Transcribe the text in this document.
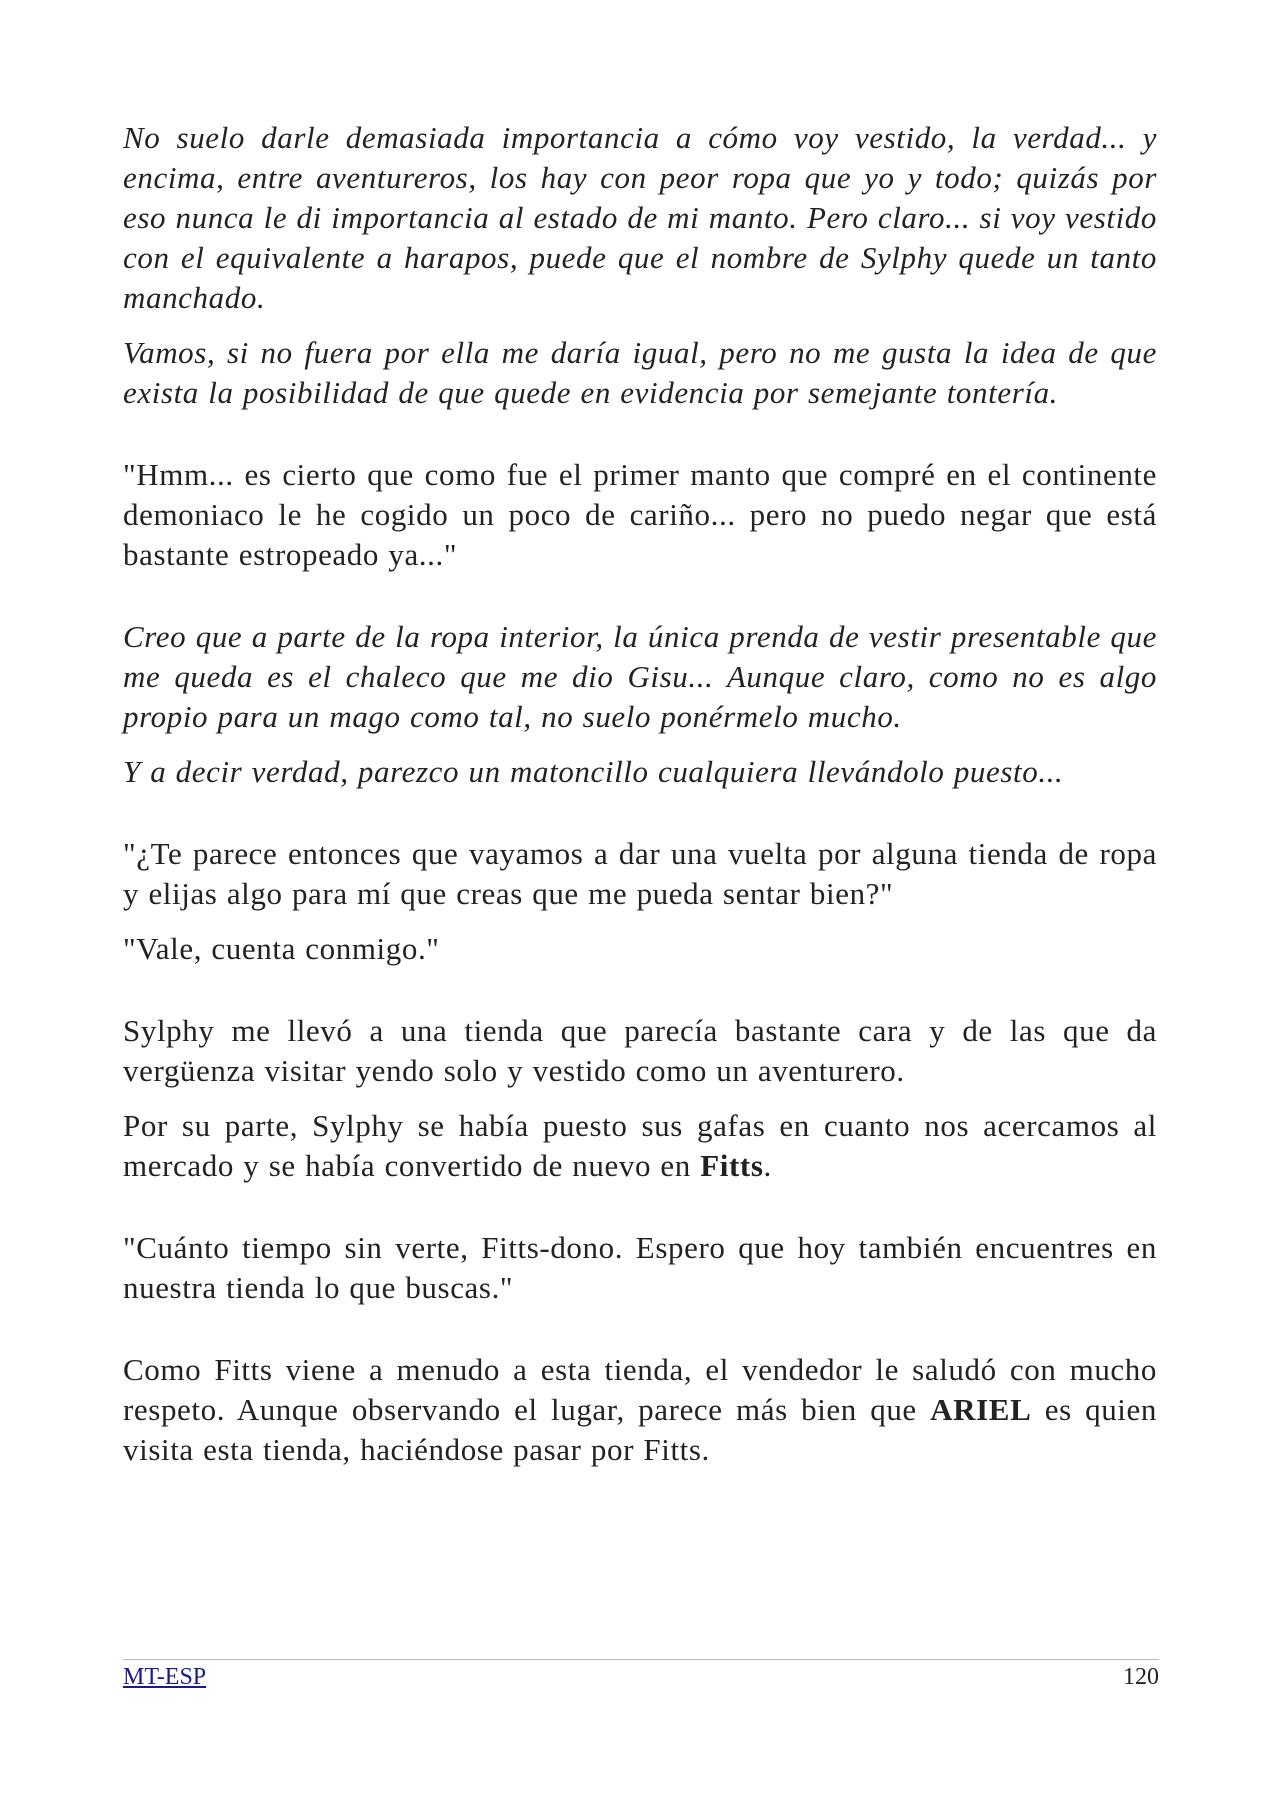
No suelo darle demasiada importancia a cómo voy vestido, la verdad... y encima, entre aventureros, los hay con peor ropa que yo y todo; quizás por eso nunca le di importancia al estado de mi manto. Pero claro... si voy vestido con el equivalente a harapos, puede que el nombre de Sylphy quede un tanto manchado.

Vamos, si no fuera por ella me daría igual, pero no me gusta la idea de que exista la posibilidad de que quede en evidencia por semejante tontería.

"Hmm... es cierto que como fue el primer manto que compré en el continente demoniaco le he cogido un poco de cariño... pero no puedo negar que está bastante estropeado ya..."

Creo que a parte de la ropa interior, la única prenda de vestir presentable que me queda es el chaleco que me dio Gisu... Aunque claro, como no es algo propio para un mago como tal, no suelo ponérmelo mucho.

Y a decir verdad, parezco un matoncillo cualquiera llevándolo puesto...

"¿Te parece entonces que vayamos a dar una vuelta por alguna tienda de ropa y elijas algo para mí que creas que me pueda sentar bien?"

"Vale, cuenta conmigo."

Sylphy me llevó a una tienda que parecía bastante cara y de las que da vergüenza visitar yendo solo y vestido como un aventurero.

Por su parte, Sylphy se había puesto sus gafas en cuanto nos acercamos al mercado y se había convertido de nuevo en Fitts.

"Cuánto tiempo sin verte, Fitts-dono. Espero que hoy también encuentres en nuestra tienda lo que buscas."

Como Fitts viene a menudo a esta tienda, el vendedor le saludó con mucho respeto. Aunque observando el lugar, parece más bien que ARIEL es quien visita esta tienda, haciéndose pasar por Fitts.

MT-ESP	120
